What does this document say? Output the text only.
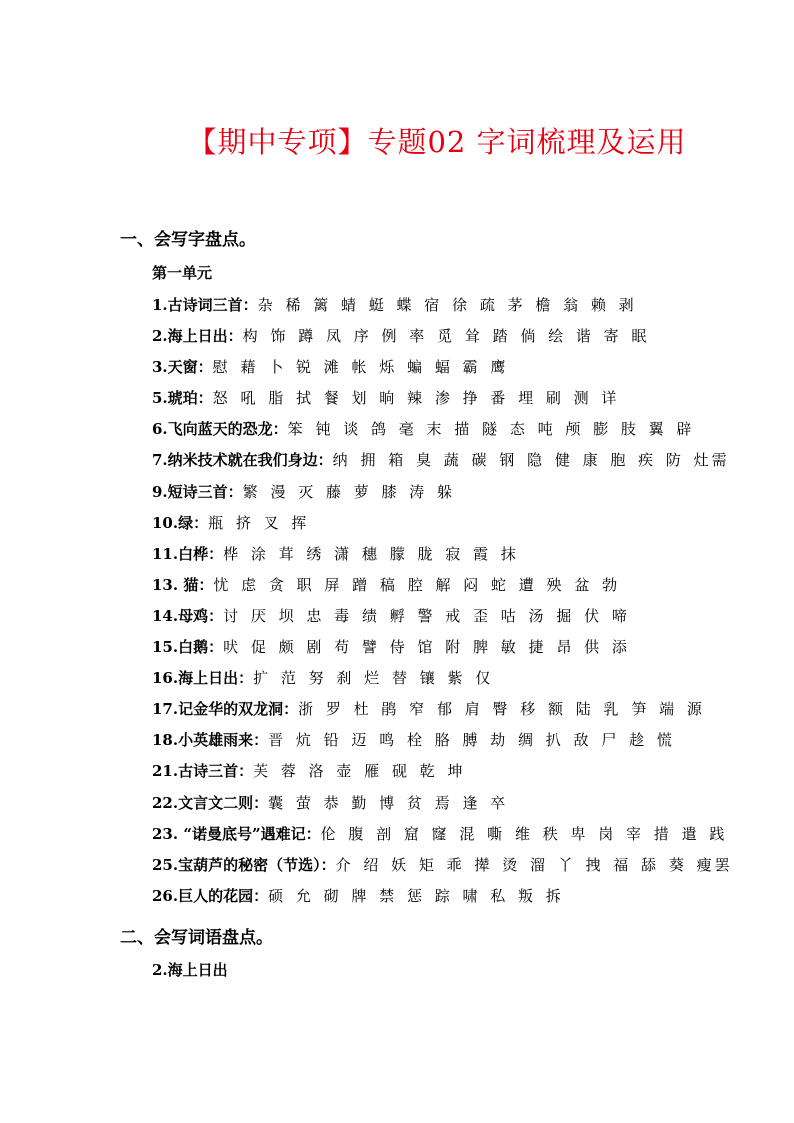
【期中专项】专题02 字词梳理及运用
一、会写字盘点。
第一单元
1.古诗词三首：杂 稀 篱 蜻 蜓 蝶 宿 徐 疏 茅 檐 翁 赖 剥
2.海上日出：构 饰 蹲 凤 序 例 率 觅 耸 踏 倘 绘 谐 寄 眠
3.天窗：慰 藉 卜 锐 滩 帐 烁 蝙 蝠 霸 鹰
5.琥珀：怒 吼 脂 拭 餐 划 晌 辣 渗 挣 番 埋 刷 测 详
6.飞向蓝天的恐龙：笨 钝 谈 鸽 毫 末 描 隧 态 吨 颅 膨 肢 翼 辟
7.纳米技术就在我们身边：纳 拥 箱 臭 蔬 碳 钢 隐 健 康 胞 疾 防 灶需
9.短诗三首：繁 漫 灭 藤 萝 膝 涛 躲
10.绿：瓶 挤 叉 挥
11.白桦：桦 涂 茸 绣 潇 穗 朦 胧 寂 霞 抹
13. 猫：忧 虑 贪 职 屏 蹭 稿 腔 解 闷 蛇 遭 殃 盆 勃
14.母鸡：讨 厌 坝 忠 毒 绩 孵 警 戒 歪 咕 汤 掘 伏 啼
15.白鹅：吠 促 颇 剧 苟 譬 侍 馆 附 脾 敏 捷 昂 供 添
16.海上日出：扩 范 努 刹 烂 替 镶 紫 仅
17.记金华的双龙洞：浙 罗 杜 鹃 窄 郁 肩 臀 移 额 陆 乳 笋 端 源
18.小英雄雨来：晋 炕 铅 迈 鸣 栓 胳 膊 劫 绸 扒 敌 尸 趁 慌
21.古诗三首：芙 蓉 洛 壶 雁 砚 乾 坤
22.文言文二则：囊 萤 恭 勤 博 贫 焉 逢 卒
23. “诺曼底号”遇难记：伦 腹 剖 窟 窿 混 嘶 维 秩 卑 岗 宰 措 遣 践
25.宝葫芦的秘密（节选）：介 绍 妖 矩 乖 撵 烫 溜 丫 拽 福 舔 葵 瘦罢
26.巨人的花园：硕 允 砌 牌 禁 惩 踪 啸 私 叛 拆
二、会写词语盘点。
2.海上日出
